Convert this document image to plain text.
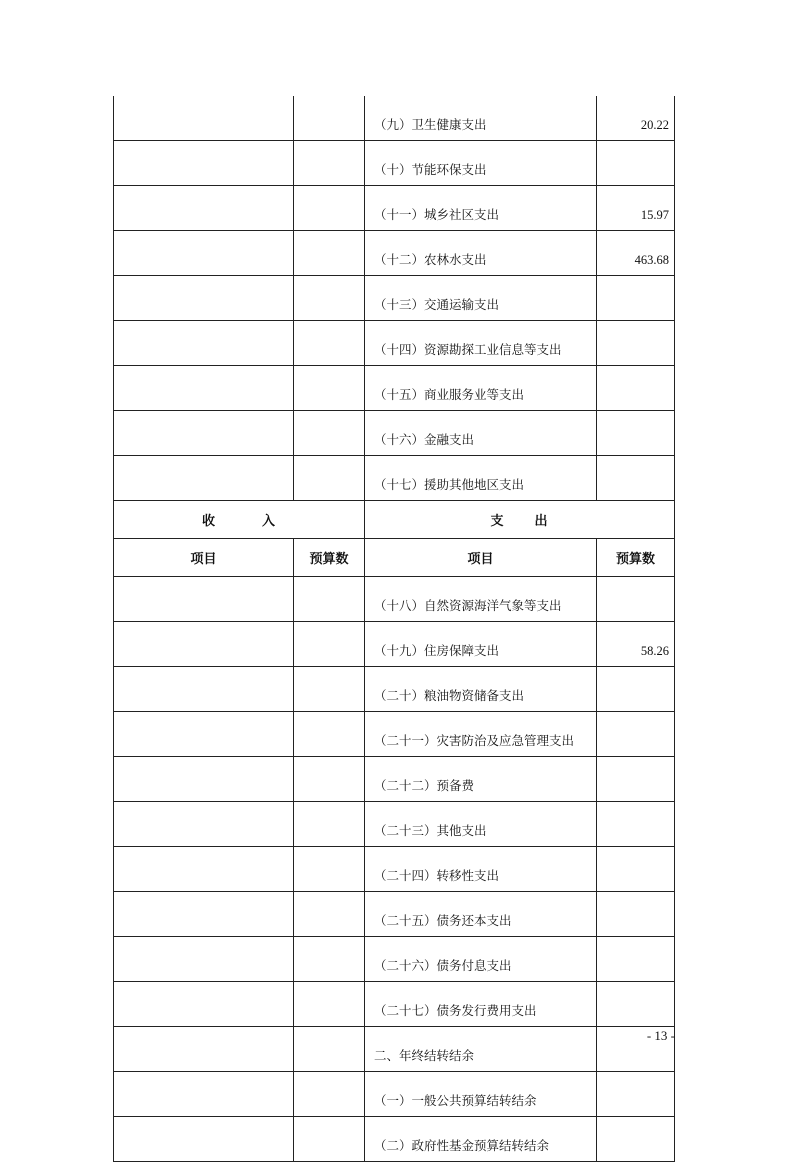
		（九）卫生健康支出	20.22
		（十）节能环保支出	
		（十一）城乡社区支出	15.97
		（十二）农林水支出	463.68
		（十三）交通运输支出	
		（十四）资源勘探工业信息等支出	
		（十五）商业服务业等支出	
		（十六）金融支出	
		（十七）援助其他地区支出	
收 入		支 出	
项目	预算数	项目	预算数
		（十八）自然资源海洋气象等支出	
		（十九）住房保障支出	58.26
		（二十）粮油物资储备支出	
		（二十一）灾害防治及应急管理支出	
		（二十二）预备费	
		（二十三）其他支出	
		（二十四）转移性支出	
		（二十五）债务还本支出	
		（二十六）债务付息支出	
		（二十七）债务发行费用支出	
		二、年终结转结余	
		（一）一般公共预算结转结余	
		（二）政府性基金预算结转结余	
- 13 -
